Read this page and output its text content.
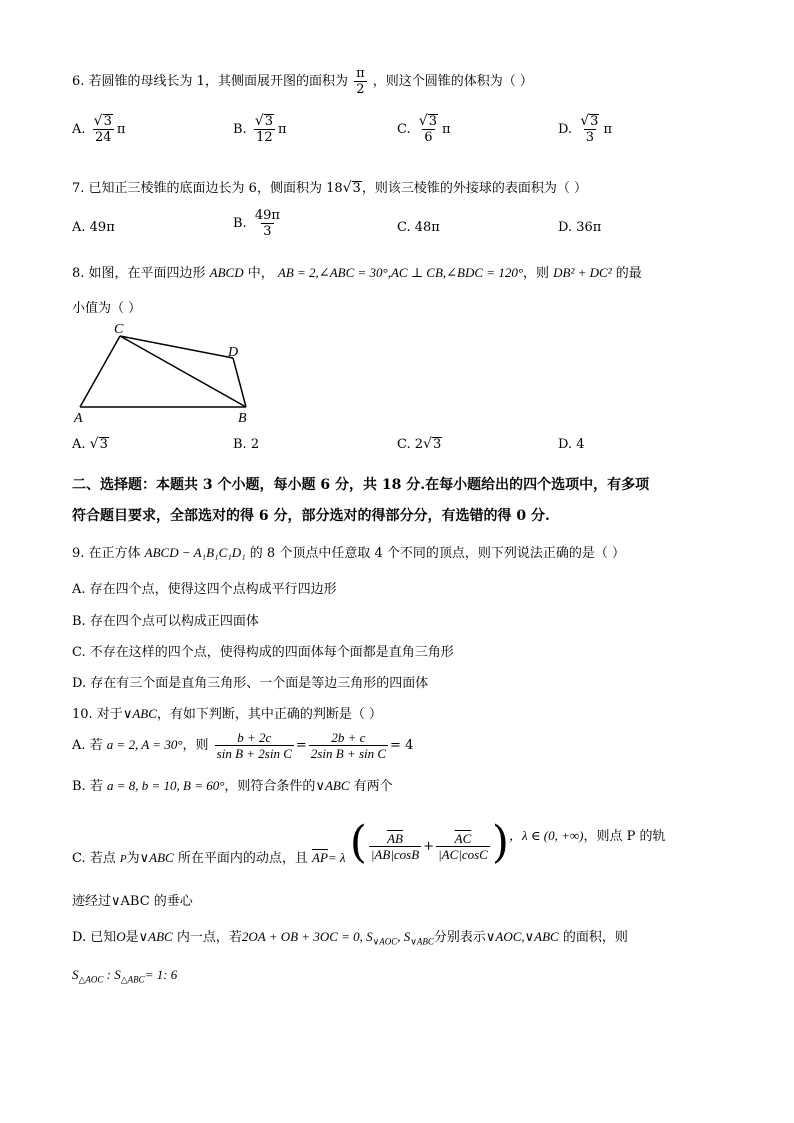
6. 若圆锥的母线长为 1，其侧面展开图的面积为 $\frac{\pi}{2}$ ，则这个圆锥的体积为（ ）
A. $\frac{√ 3}{24}$ π	B. $\frac{√ 3}{12}$ π	C. $\frac{√ 3}{6}$ π	D. $\frac{√ 3}{3}$ π
7. 已知正三棱锥的底面边长为 6，侧面积为 18 √ 3 ，则该三棱锥的外接球的表面积为（ ）
A. 49π	B. $\frac{49\pi}{3}$	C. 48π	D. 36π
8. 如图，在平面四边形 ABCD 中， AB = 2,∠ABC = 30°,AC ⊥ CB,∠BDC = 120°，则 DB² + DC² 的最
小值为（ ）
C
D
A	B
A. √ 3	B. 2	C. 2 √ 3	D. 4
二、选择题：本题共 3 个小题，每小题 6 分，共 18 分.在每小题给出的四个选项中，有多项
符合题目要求，全部选对的得 6 分，部分选对的得部分分，有选错的得 0 分.
9. 在正方体 ABCD − A₁B₁C₁D₁ 的 8 个顶点中任意取 4 个不同的顶点，则下列说法正确的是（ ）
A. 存在四个点，使得这四个点构成平行四边形
B. 存在四个点可以构成正四面体
C. 不存在这样的四个点，使得构成的四面体每个面都是直角三角形
D. 存在有三个面是直角三角形、一个面是等边三角形的四面体
10. 对于∨ABC，有如下判断，其中正确的判断是（ ）
A. 若 a = 2, A = 30°，则 $\frac{b + 2c}{\text{sin B + 2sin C}} = \frac{2b + c}{\text{2sin B + sin C}} = 4$
B. 若 a = 8, b = 10, B = 60°，则符合条件的∨ABC 有两个
C. 若点 $_P$为∨ABC 所在平面内的动点，且 $\overline{AP}= \lambda$ ( $\frac{\overline{AB}}{|AB|\cos B} + \frac{\overline{AC}}{|AC|\cos C}$ )，λ ∈ (0, +∞)，则点 P 的轨
迹经过∨ABC 的垂心
D. 已知O是∨ABC 内一点，若2OA + OB + 3OC = 0, $S_{\vee AOC}$, $S_{\vee ABC}$分别表示∨AOC,∨ABC 的面积，则
$S_{\triangle AOC}$ : $S_{\triangle ABC}= 1$: 6
